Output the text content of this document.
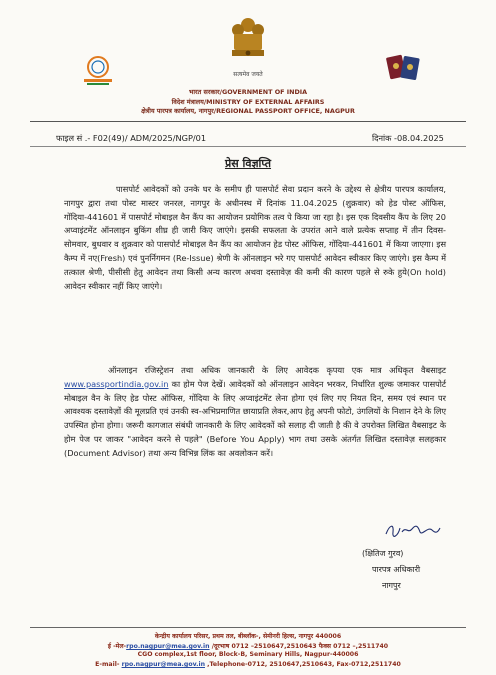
सत्यमेव जयते
भारत सरकार/GOVERNMENT OF INDIA
विदेश मंत्रालय/MINISTRY OF EXTERNAL AFFAIRS
क्षेत्रीय पारपत्र कार्यालय, नागपुर/REGIONAL PASSPORT OFFICE, NAGPUR
फाइल सं .- F02(49)/ ADM/2025/NGP/01	दिनांक -08.04.2025
प्रेस विज्ञप्ति
पासपोर्ट आवेदकों को उनके घर के समीप ही पासपोर्ट सेवा प्रदान करने के उद्देश्य से क्षेत्रीय पारपत्र कार्यालय, नागपुर द्वारा तथा पोस्ट मास्टर जनरल, नागपुर के अधीनस्थ में दिनांक 11.04.2025 (शुक्रवार) को हेड पोस्ट ऑफिस, गोंदिया-441601 में पासपोर्ट मोबाइल वैन कैंप का आयोजन प्रयोगिक तत्व पे किया जा रहा है। इस एक दिवसीय कैंप के लिए 20 अप्वाइंटमेंट ऑनलाइन बुकिंग शीघ्र ही जारी किए जाएंगे। इसकी सफलता के उपरांत आने वाले प्रत्येक सप्ताह में तीन दिवस- सोमवार, बुधवार व शुक्रवार को पासपोर्ट मोबाइल वैन कैंप का आयोजन हेड पोस्ट ऑफिस, गोंदिया-441601 में किया जाएगा। इस कैम्प में नए(Fresh) एवं पुनर्निगमन (Re-Issue) श्रेणी के ऑनलाइन भरे गए पासपोर्ट आवेदन स्वीकार किए जाएंगे। इस कैम्प में तत्काल श्रेणी, पीसीसी हेतु आवेदन तथा किसी अन्य कारण अथवा दस्तावेज़ की कमी की कारण पहले से रुके हुये(On hold) आवेदन स्वीकार नहीं किए जाएंगे।
ऑनलाइन रजिस्ट्रेशन तथा अधिक जानकारी के लिए आवेदक कृपया एक मात्र अधिकृत वैबसाइट www.passportindia.gov.in का होम पेज देखें। आवेदकों को ऑनलाइन आवेदन भरकर, निर्धारित शुल्क जमाकर पासपोर्ट मोबाइल वैन के लिए हेड पोस्ट ऑफिस, गोंदिया के लिए अप्वाइंटमेंट लेना होगा एवं लिए गए नियत दिन, समय एवं स्थान पर आवश्यक दस्तावेज़ों की मूलप्रति एवं उनकी स्व-अभिप्रमाणित छायाप्रति लेकर,आप हेतु अपनी फोटो, उंगलियों के निशान देने के लिए उपस्थित होना होगा। जरूरी कागजात संबंधी जानकारी के लिए आवेदकों को सलाह दी जाती है की वे उपरोक्त लिखित वैबसाइट के होम पेज पर जाकर "आवेदन करने से पहले" (Before You Apply) भाग तथा उसके अंतर्गत लिखित दस्तावेज़ सलहकार (Document Advisor) तथा अन्य विभिन्न लिंक का अवलोकन करें।
(क्षितिज गुरव)
पारपत्र अधिकारी
नागपुर
केन्द्रीय कार्यालय परिसर, प्रथम तल, बीब्लॉक-, सेमीनरी हिल्स, नागपुर 440006
ई -मेल-rpo.nagpur@mea.gov.in /दूरभाष 0712 –2510647,2510643 फैक्स 0712 –,2511740
CGO complex,1st floor, Block-B, Seminary Hills, Nagpur-440006
E-mail- rpo.nagpur@mea.gov.in ,Telephone-0712, 2510647,2510643, Fax-0712,2511740
